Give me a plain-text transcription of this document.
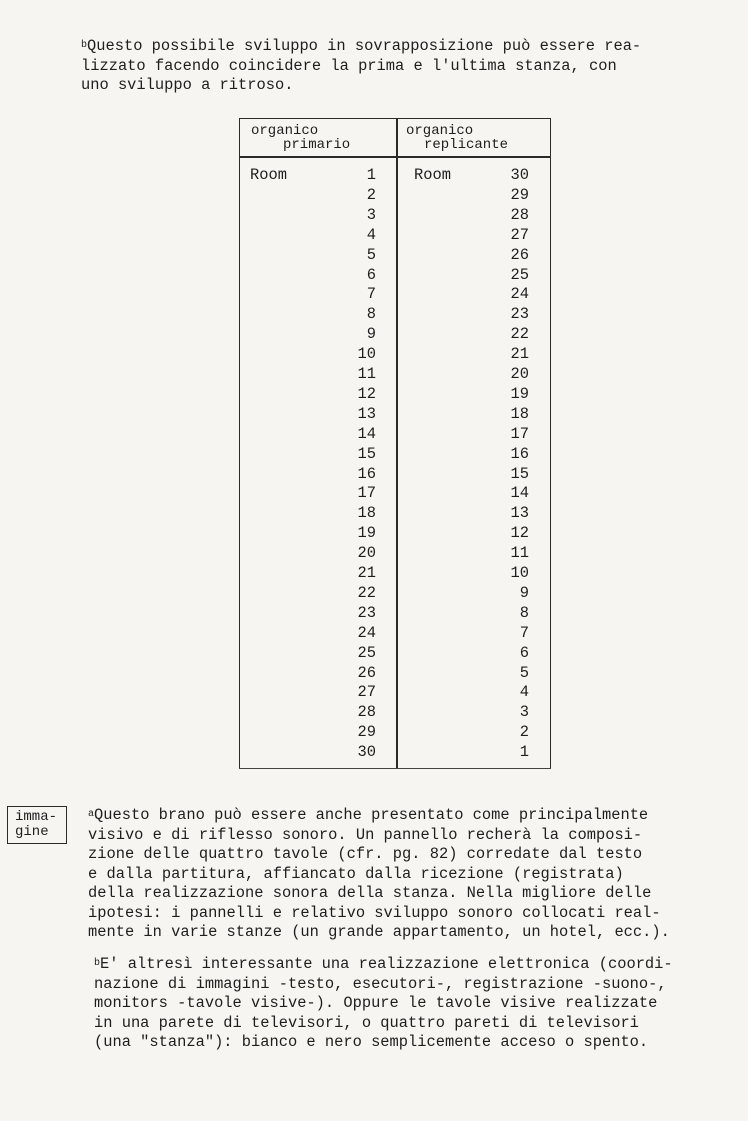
bQuesto possibile sviluppo in sovrapposizione può essere rea-
lizzato facendo coincidere la prima e l'ultima stanza, con
uno sviluppo a ritroso.
organico
primario
organico
replicante
Room	Room
1
2
3
4
5
6
7
8
9
10
11
12
13
14
15
16
17
18
19
20
21
22
23
24
25
26
27
28
29
30
30
29
28
27
26
25
24
23
22
21
20
19
18
17
16
15
14
13
12
11
10
9
8
7
6
5
4
3
2
1
imma-
gine
aQuesto brano può essere anche presentato come principalmente
visivo e di riflesso sonoro. Un pannello recherà la composi-
zione delle quattro tavole (cfr. pg. 82) corredate dal testo
e dalla partitura, affiancato dalla ricezione (registrata)
della realizzazione sonora della stanza. Nella migliore delle
ipotesi: i pannelli e relativo sviluppo sonoro collocati real-
mente in varie stanze (un grande appartamento, un hotel, ecc.).
bE' altresì interessante una realizzazione elettronica (coordi-
nazione di immagini -testo, esecutori-, registrazione -suono-,
monitors -tavole visive-). Oppure le tavole visive realizzate
in una parete di televisori, o quattro pareti di televisori
(una "stanza"): bianco e nero semplicemente acceso o spento.
